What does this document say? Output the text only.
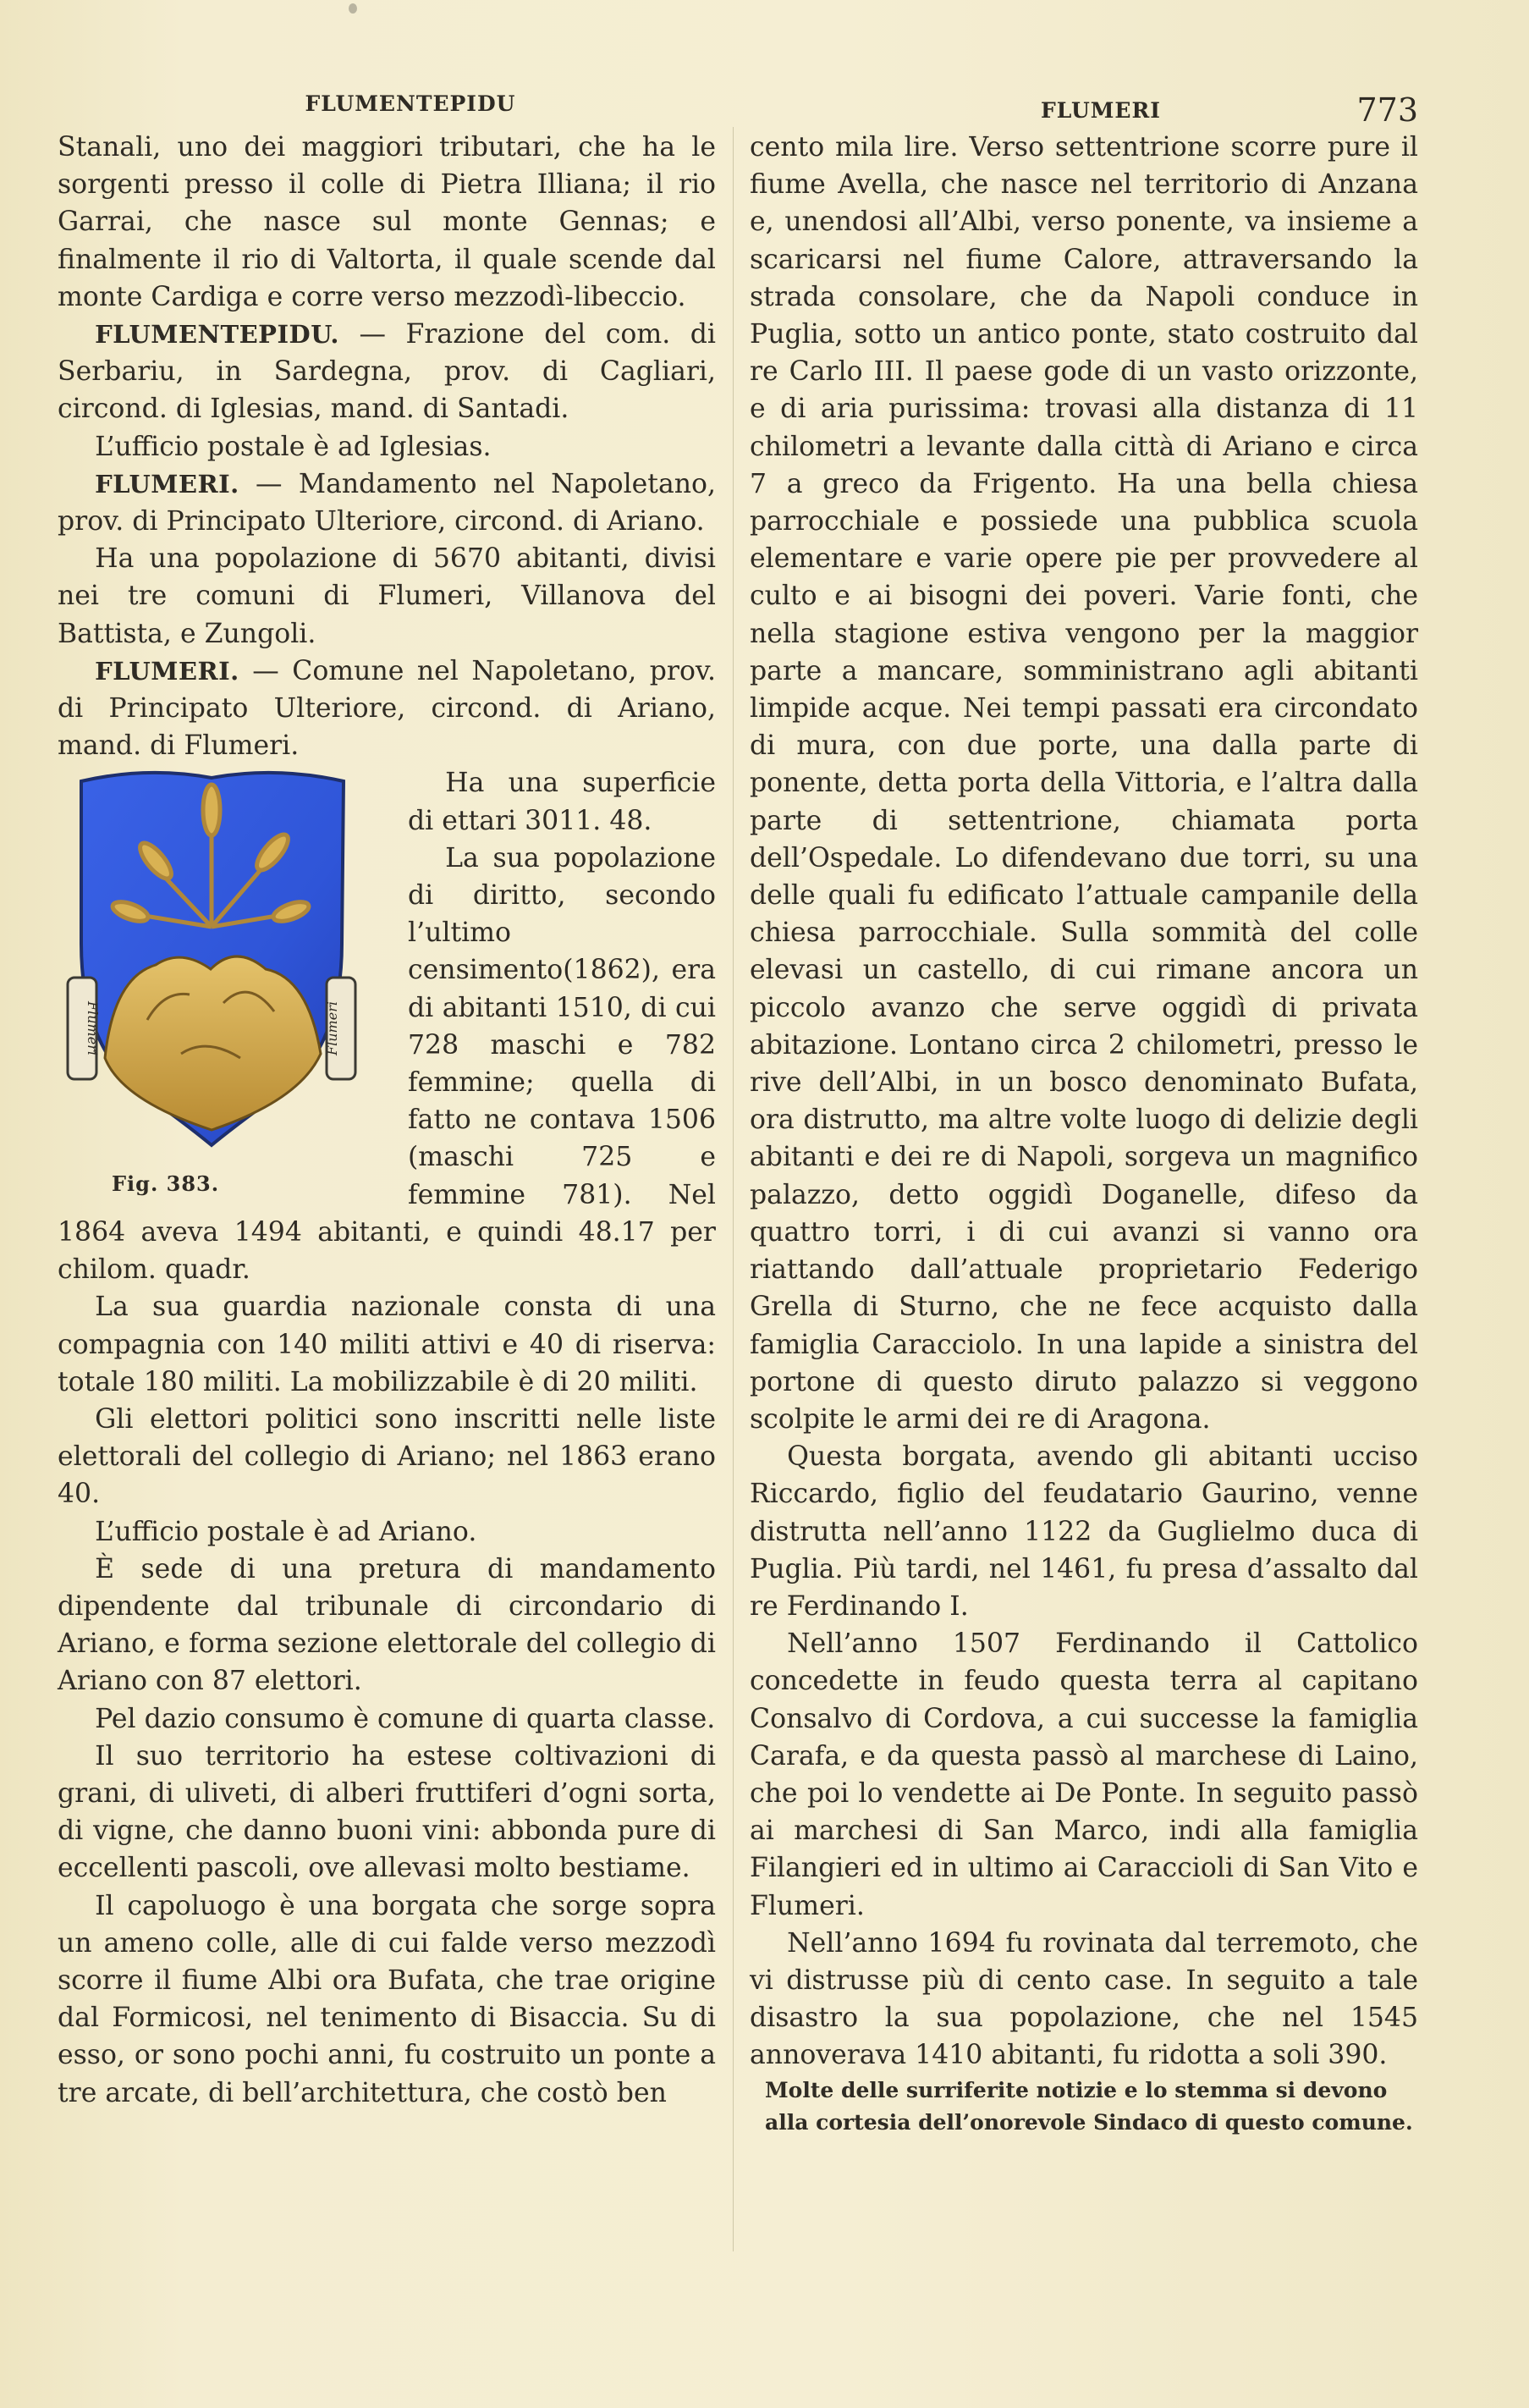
FLUMENTEPIDU	FLUMERI	773

Stanali, uno dei maggiori tributari, che ha le sorgenti presso il colle di Pietra Illiana; il rio Garrai, che nasce sul monte Gennas; e finalmente il rio di Valtorta, il quale scende dal monte Cardiga e corre verso mezzodì-libeccio.

FLUMENTEPIDU. — Frazione del com. di Serbariu, in Sardegna, prov. di Cagliari, circond. di Iglesias, mand. di Santadi.

L’ufficio postale è ad Iglesias.

FLUMERI. — Mandamento nel Napoletano, prov. di Principato Ulteriore, circond. di Ariano.

Ha una popolazione di 5670 abitanti, divisi nei tre comuni di Flumeri, Villanova del Battista, e Zungoli.

FLUMERI. — Comune nel Napoletano, prov. di Principato Ulteriore, circond. di Ariano, mand. di Flumeri.

Flumeri	Flumeri
Fig. 383.

Ha una superficie di ettari 3011. 48.

La sua popolazione di diritto, secondo l’ultimo censimento(1862), era di abitanti 1510, di cui 728 maschi e 782 femmine; quella di fatto ne contava 1506 (maschi 725 e femmine 781). Nel 1864 aveva 1494 abitanti, e quindi 48.17 per chilom. quadr.

La sua guardia nazionale consta di una compagnia con 140 militi attivi e 40 di riserva: totale 180 militi. La mobilizzabile è di 20 militi.

Gli elettori politici sono inscritti nelle liste elettorali del collegio di Ariano; nel 1863 erano 40.

L’ufficio postale è ad Ariano.

È sede di una pretura di mandamento dipendente dal tribunale di circondario di Ariano, e forma sezione elettorale del collegio di Ariano con 87 elettori.

Pel dazio consumo è comune di quarta classe.

Il suo territorio ha estese coltivazioni di grani, di uliveti, di alberi fruttiferi d’ogni sorta, di vigne, che danno buoni vini: abbonda pure di eccellenti pascoli, ove allevasi molto bestiame.

Il capoluogo è una borgata che sorge sopra un ameno colle, alle di cui falde verso mezzodì scorre il fiume Albi ora Bufata, che trae origine dal Formicosi, nel tenimento di Bisaccia. Su di esso, or sono pochi anni, fu costruito un ponte a tre arcate, di bell’architettura, che costò ben

cento mila lire. Verso settentrione scorre pure il fiume Avella, che nasce nel territorio di Anzana e, unendosi all’Albi, verso ponente, va insieme a scaricarsi nel fiume Calore, attraversando la strada consolare, che da Napoli conduce in Puglia, sotto un antico ponte, stato costruito dal re Carlo III. Il paese gode di un vasto orizzonte, e di aria purissima: trovasi alla distanza di 11 chilometri a levante dalla città di Ariano e circa 7 a greco da Frigento. Ha una bella chiesa parrocchiale e possiede una pubblica scuola elementare e varie opere pie per provvedere al culto e ai bisogni dei poveri. Varie fonti, che nella stagione estiva vengono per la maggior parte a mancare, somministrano agli abitanti limpide acque. Nei tempi passati era circondato di mura, con due porte, una dalla parte di ponente, detta porta della Vittoria, e l’altra dalla parte di settentrione, chiamata porta dell’Ospedale. Lo difendevano due torri, su una delle quali fu edificato l’attuale campanile della chiesa parrocchiale. Sulla sommità del colle elevasi un castello, di cui rimane ancora un piccolo avanzo che serve oggidì di privata abitazione. Lontano circa 2 chilometri, presso le rive dell’Albi, in un bosco denominato Bufata, ora distrutto, ma altre volte luogo di delizie degli abitanti e dei re di Napoli, sorgeva un magnifico palazzo, detto oggidì Doganelle, difeso da quattro torri, i di cui avanzi si vanno ora riattando dall’attuale proprietario Federigo Grella di Sturno, che ne fece acquisto dalla famiglia Caracciolo. In una lapide a sinistra del portone di questo diruto palazzo si veggono scolpite le armi dei re di Aragona.

Questa borgata, avendo gli abitanti ucciso Riccardo, figlio del feudatario Gaurino, venne distrutta nell’anno 1122 da Guglielmo duca di Puglia. Più tardi, nel 1461, fu presa d’assalto dal re Ferdinando I.

Nell’anno 1507 Ferdinando il Cattolico concedette in feudo questa terra al capitano Consalvo di Cordova, a cui successe la famiglia Carafa, e da questa passò al marchese di Laino, che poi lo vendette ai De Ponte. In seguito passò ai marchesi di San Marco, indi alla famiglia Filangieri ed in ultimo ai Caraccioli di San Vito e Flumeri.

Nell’anno 1694 fu rovinata dal terremoto, che vi distrusse più di cento case. In seguito a tale disastro la sua popolazione, che nel 1545 annoverava 1410 abitanti, fu ridotta a soli 390.

Molte delle surriferite notizie e lo stemma si devono alla cortesia dell’onorevole Sindaco di questo comune.
